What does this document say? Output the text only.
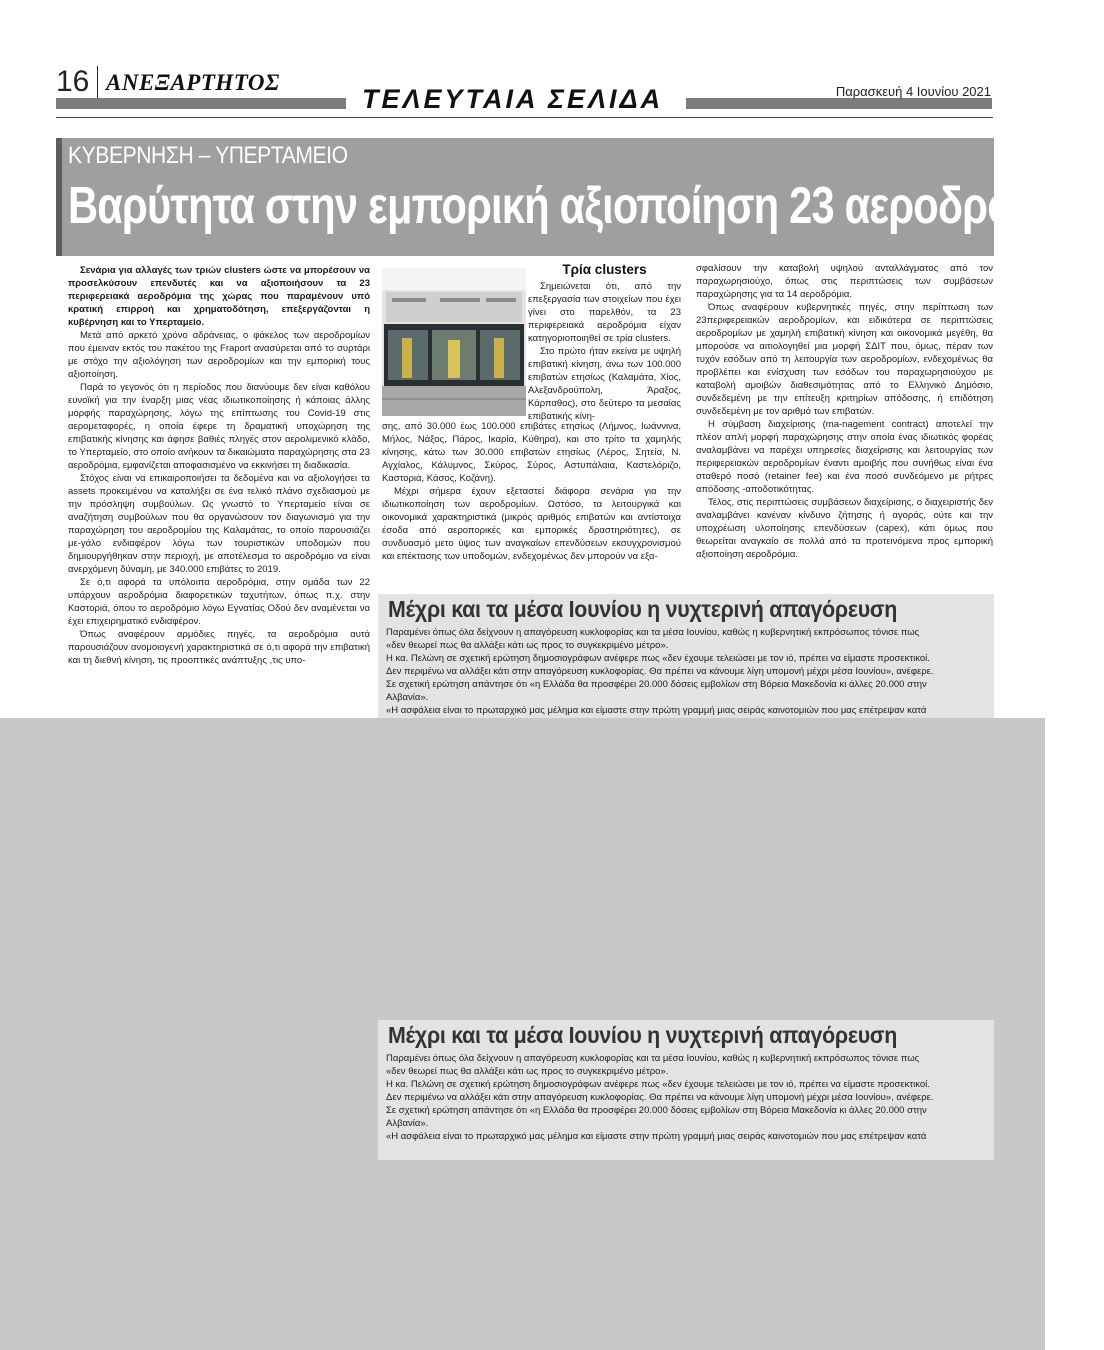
16 ΑΝΕΞΑΡΤΗΤΟΣ
ΤΕΛΕΥΤΑΙΑ ΣΕΛΙΔΑ	Παρασκευή 4 Ιουνίου 2021
ΚΥΒΕΡΝΗΣΗ – ΥΠΕΡΤΑΜΕΙΟ
Βαρύτητα στην εμπορική αξιοποίηση 23 αεροδρομίων

Σενάρια για αλλαγές των τριών clusters ώστε να μπορέσουν να προσελκύσουν επενδυτές και να αξιοποιήσουν τα 23 περιφερειακά αεροδρόμια της χώρας που παραμένουν υπό κρατική επιρροή και χρηματοδότηση, επεξεργάζονται η κυβέρνηση και το Υπερταμείο.

Μετά από αρκετό χρόνο αδράνειας, ο φάκελος των αεροδρομίων που έμειναν εκτός του πακέτου της Fraport ανασύρεται από το συρτάρι με στόχο την αξιολόγηση των αεροδρομίων και την εμπορική τους αξιοποίηση.

Παρά το γεγονός ότι η περίοδος που διανύουμε δεν είναι καθόλου ευνοϊκή για την έναρξη μιας νέας ιδιωτικοποίησης ή κάποιας άλλης μορφής παραχώρησης, λόγω της επίπτωσης του Covid-19 στις αερομεταφορές, η οποία έφερε τη δραματική υποχώρηση της επιβατικής κίνησης και άφησε βαθιές πληγές στον αερολιμενικό κλάδο, το Υπερταμείο, στο οποίο ανήκουν τα δικαιώματα παραχώρησης στα 23 αεροδρόμια, εμφανίζεται αποφασισμένο να εκκινήσει τη διαδικασία.

Στόχος είναι να επικαιροποιήσει τα δεδομένα και να αξιολογήσει τα assets προκειμένου να καταλήξει σε ένα τελικό πλάνο σχεδιασμού με την πρόσληψη συμβούλων. Ως γνωστό το Υπερταμείο είναι σε αναζήτηση συμβούλων που θα οργανώσουν τον διαγωνισμό για την παραχώρηση του αεροδρομίου της Καλαμάτας, το οποίο παρουσιάζει με-γάλο ενδιαφέρον λόγω των τουριστικών υποδομών που δημιουργήθηκαν στην περιοχή, με αποτέλεσμα το αεροδρόμιο να είναι ανερχόμενη δύναμη, με 340.000 επιβάτες το 2019.

Σε ό,τι αφορά τα υπόλοιπα αεροδρόμια, στην ομάδα των 22 υπάρχουν αεροδρόμια διαφορετικών ταχυτήτων, όπως π.χ. στην Καστοριά, όπου το αεροδρόμιο λόγω Εγνατίας Οδού δεν αναμένεται να έχει επιχειρηματικό ενδιαφέρον.

Όπως αναφέρουν αρμόδιες πηγές, τα αεροδρόμια αυτά παρουσιάζουν ανομοιογενή χαρακτηριστικά σε ό,τι αφορά την επιβατική και τη διεθνή κίνηση, τις προοπτικές ανάπτυξης ,τις υπο-

Τρία clusters

Σημειώνεται ότι, από την επεξεργασία των στοιχείων που έχει γίνει στο παρελθόν, τα 23 περιφερειακά αεροδρόμια είχαν κατηγοριοποιηθεί σε τρία clusters.

Στο πρώτο ήταν εκείνα με υψηλή επιβατική κίνηση, άνω των 100.000 επιβατών ετησίως (Καλαμάτα, Χίος, Αλεξανδρούπολη, Άραξος, Κάρπαθος), στο δεύτερο τα μεσαίας επιβατικής κίνη-

σης, από 30.000 έως 100.000 επιβάτες ετησίως (Λήμνος, Ιωάννινα, Μήλος, Νάξος, Πάρος, Ικαρία, Κύθηρα), και στο τρίτο τα χαμηλής κίνησης, κάτω των 30.000 επιβατών ετησίως (Λέρος, Σητεία, Ν. Αγχίαλος, Κάλυμνος, Σκύρος, Σύρος, Αστυπάλαια, Καστελόριζο, Καστοριά, Κάσος, Κοζάνη).

Μέχρι σήμερα έχουν εξεταστεί διάφορα σενάρια για την ιδιωτικοποίηση των αεροδρομίων. Ωστόσο, τα λειτουργικά και οικονομικά χαρακτηριστικά (μικρός αριθμός επιβατών και αντίστοιχα έσοδα από αεροπορικές και εμπορικές δραστηριότητες), σε συνδυασμό μετο ύψος των αναγκαίων επενδύσεων εκσυγχρονισμού και επέκτασης των υποδομών, ενδεχομένως δεν μπορούν να εξα-

σφαλίσουν την καταβολή υψηλού ανταλλάγματος από τον παραχωρησιούχο, όπως στις περιπτώσεις των συμβάσεων παραχώρησης για τα 14 αεροδρόμια.

Όπως αναφέρουν κυβερνητικές πηγές, στην περίπτωση των 23περιφερειακών αεροδρομίων, και ειδικότερα σε περιπτώσεις αεροδρομίων με χαμηλή επιβατική κίνηση και οικονομικά μεγέθη, θα μπορούσε να αιτιολογηθεί μια μορφή ΣΔΙΤ που, όμως, πέραν των τυχόν εσόδων από τη λειτουργία των αεροδρομίων, ενδεχομένως θα προβλέπει και ενίσχυση των εσόδων του παραχωρησιούχου με καταβολή αμοιβών διαθεσιμότητας από το Ελληνικό Δημόσιο, συνδεδεμένη με την επίτευξη κριτηρίων απόδοσης, ή επιδότηση συνδεδεμένη με τον αριθμό των επιβατών.

Η σύμβαση διαχείρισης (ma-nagement contract) αποτελεί την πλέον απλή μορφή παραχώρησης στην οποία ένας ιδιωτικός φορέας αναλαμβάνει να παρέχει υπηρεσίες διαχείρισης και λειτουργίας των περιφερειακών αεροδρομίων έναντι αμοιβής που συνήθως είναι ένα σταθερό ποσό (retainer fee) και ένα ποσό συνδεόμενο με ρήτρες απόδοσης -αποδοτικότητας.

Τέλος, στις περιπτώσεις συμβάσεων διαχείρισης, ο διαχειριστής δεν αναλαμβάνει κανέναν κίνδυνο ζήτησης ή αγοράς, ούτε και την υποχρέωση υλοποίησης επενδύσεων (capex), κάτι όμως που θεωρείται αναγκαίο σε πολλά από τα προτεινόμενα προς εμπορική αξιοποίηση αεροδρόμια.

Μέχρι και τα μέσα Ιουνίου η νυχτερινή απαγόρευση

Παραμένει όπως όλα δείχνουν η απαγόρευση κυκλοφορίας και τα μέσα Ιουνίου, καθώς η κυβερνητική εκπρόσωπος τόνισε πως

«δεν θεωρεί πως θα αλλάξει κάτι ως προς το συγκεκριμένο μέτρο».

Η κα. Πελώνη σε σχετική ερώτηση δημοσιογράφων ανέφερε πως «δεν έχουμε τελειώσει με τον ιό, πρέπει να είμαστε προσεκτικοί.

Δεν περιμένω να αλλάξει κάτι στην απαγόρευση κυκλοφορίας. Θα πρέπει να κάνουμε λίγη υπομονή μέχρι μέσα Ιουνίου», ανέφερε.

Σε σχετική ερώτηση απάντησε ότι «η Ελλάδα θα προσφέρει 20.000 δόσεις εμβολίων στη Βόρεια Μακεδονία κι άλλες 20.000 στην

Αλβανία».

«Η ασφάλεια είναι το πρωταρχικό μας μέλημα και είμαστε στην πρώτη γραμμή μιας σειράς καινοτομιών που μας επέτρεψαν κατά

Μέχρι και τα μέσα Ιουνίου η νυχτερινή απαγόρευση

Παραμένει όπως όλα δείχνουν η απαγόρευση κυκλοφορίας και τα μέσα Ιουνίου, καθώς η κυβερνητική εκπρόσωπος τόνισε πως

«δεν θεωρεί πως θα αλλάξει κάτι ως προς το συγκεκριμένο μέτρο».

Η κα. Πελώνη σε σχετική ερώτηση δημοσιογράφων ανέφερε πως «δεν έχουμε τελειώσει με τον ιό, πρέπει να είμαστε προσεκτικοί.

Δεν περιμένω να αλλάξει κάτι στην απαγόρευση κυκλοφορίας. Θα πρέπει να κάνουμε λίγη υπομονή μέχρι μέσα Ιουνίου», ανέφερε.

Σε σχετική ερώτηση απάντησε ότι «η Ελλάδα θα προσφέρει 20.000 δόσεις εμβολίων στη Βόρεια Μακεδονία κι άλλες 20.000 στην

Αλβανία».

«Η ασφάλεια είναι το πρωταρχικό μας μέλημα και είμαστε στην πρώτη γραμμή μιας σειράς καινοτομιών που μας επέτρεψαν κατά
